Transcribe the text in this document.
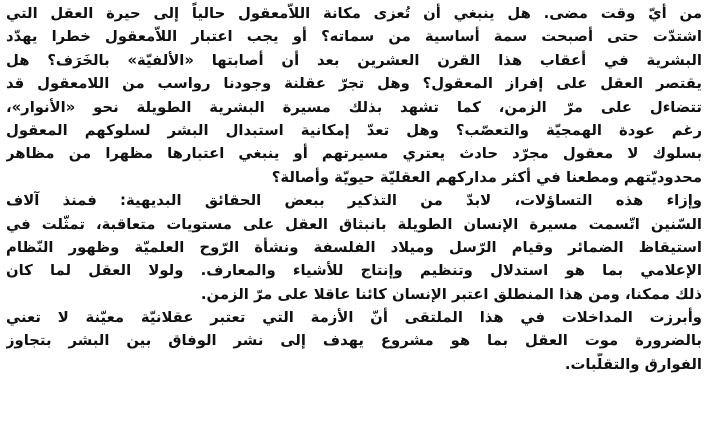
من أيّ وقت مضى. هل ينبغي أن تُعزى مكانة اللاّمعقول حالياً إلى حيرة العقل التي
اشتدّت حتى أصبحت سمة أساسية من سماته؟ أو يجب اعتبار اللاّمعقول خطرا يهدّد
البشرية في أعقاب هذا القرن العشرين بعد أن أصابتها «الألفيّة» بالخَرَف؟ هل
يقتصر العقل على إفراز المعقول؟ وهل تجرّ عقلنة وجودنا رواسب من اللامعقول قد
تتضاءل على مرّ الزمن، كما تشهد بذلك مسيرة البشرية الطويلة نحو «الأنوار»،
رغم عودة الهمجيّة والتعصّب؟ وهل تعدّ إمكانية استبدال البشر لسلوكهم المعقول
بسلوك لا معقول مجرّد حادث يعتري مسيرتهم أو ينبغي اعتبارها مظهرا من مظاهر
محدوديّتهم ومطعنا في أكثر مداركهم العقليّة حيويّة وأصالة؟
وإزاء هذه التساؤلات، لابدّ من التذكير ببعض الحقائق البديهية: فمنذ آلاف
السّنين اتّسمت مسيرة الإنسان الطويلة بانبثاق العقل على مستويات متعاقبة، تمثّلت في
استيقاظ الضمائر وقيام الرّسل وميلاد الفلسفة ونشأة الرّوح العلميّة وظهور النّظام
الإعلامي بما هو استدلال وتنظيم وإنتاج للأشياء والمعارف. ولولا العقل لما كان
ذلك ممكنا، ومن هذا المنطلق اعتبر الإنسان كائنا عاقلا على مرّ الزمن.
وأبرزت المداخلات في هذا الملتقى أنّ الأزمة التي تعتبر عقلانيّة معيّنة لا تعني
بالضرورة موت العقل بما هو مشروع يهدف إلى نشر الوفاق بين البشر بتجاوز
الفوارق والتقلّبات.
